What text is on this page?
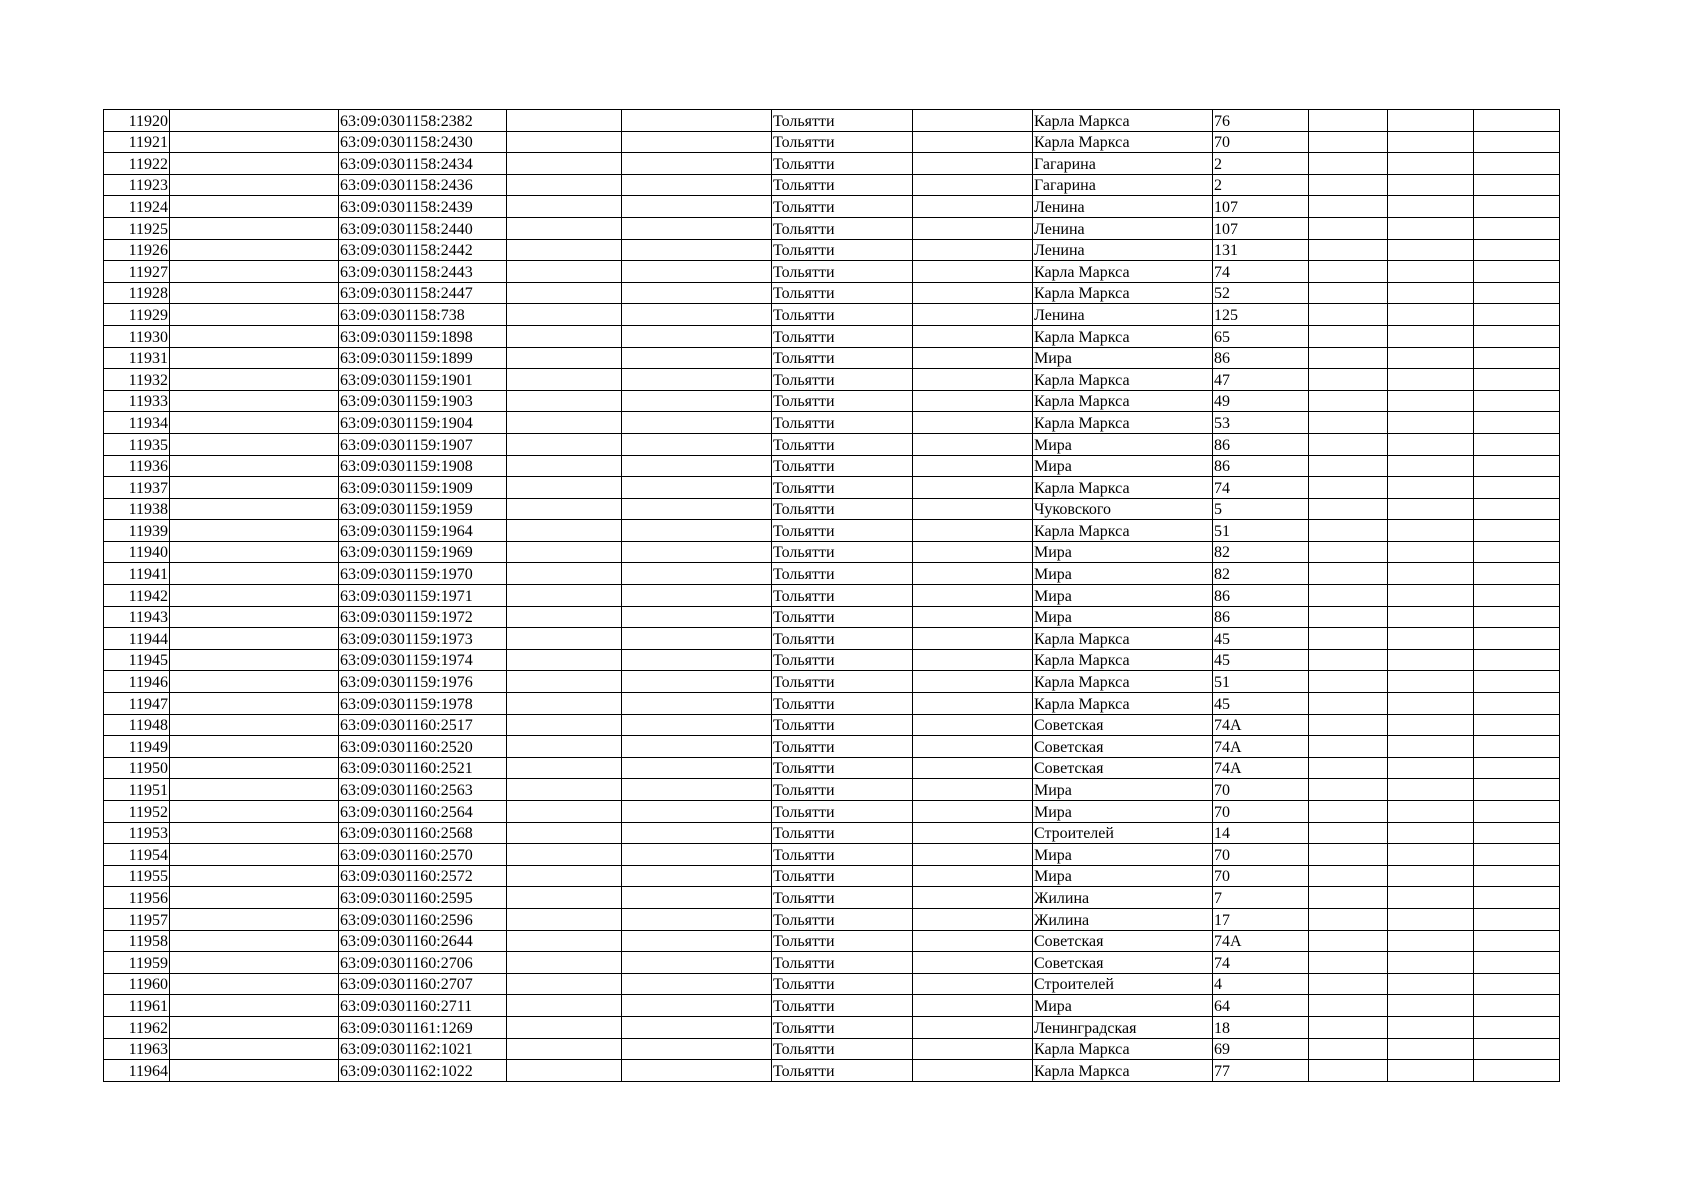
11920		63:09:0301158:2382			Тольятти		Карла Маркса	76			
11921		63:09:0301158:2430			Тольятти		Карла Маркса	70			
11922		63:09:0301158:2434			Тольятти		Гагарина	2			
11923		63:09:0301158:2436			Тольятти		Гагарина	2			
11924		63:09:0301158:2439			Тольятти		Ленина	107			
11925		63:09:0301158:2440			Тольятти		Ленина	107			
11926		63:09:0301158:2442			Тольятти		Ленина	131			
11927		63:09:0301158:2443			Тольятти		Карла Маркса	74			
11928		63:09:0301158:2447			Тольятти		Карла Маркса	52			
11929		63:09:0301158:738			Тольятти		Ленина	125			
11930		63:09:0301159:1898			Тольятти		Карла Маркса	65			
11931		63:09:0301159:1899			Тольятти		Мира	86			
11932		63:09:0301159:1901			Тольятти		Карла Маркса	47			
11933		63:09:0301159:1903			Тольятти		Карла Маркса	49			
11934		63:09:0301159:1904			Тольятти		Карла Маркса	53			
11935		63:09:0301159:1907			Тольятти		Мира	86			
11936		63:09:0301159:1908			Тольятти		Мира	86			
11937		63:09:0301159:1909			Тольятти		Карла Маркса	74			
11938		63:09:0301159:1959			Тольятти		Чуковского	5			
11939		63:09:0301159:1964			Тольятти		Карла Маркса	51			
11940		63:09:0301159:1969			Тольятти		Мира	82			
11941		63:09:0301159:1970			Тольятти		Мира	82			
11942		63:09:0301159:1971			Тольятти		Мира	86			
11943		63:09:0301159:1972			Тольятти		Мира	86			
11944		63:09:0301159:1973			Тольятти		Карла Маркса	45			
11945		63:09:0301159:1974			Тольятти		Карла Маркса	45			
11946		63:09:0301159:1976			Тольятти		Карла Маркса	51			
11947		63:09:0301159:1978			Тольятти		Карла Маркса	45			
11948		63:09:0301160:2517			Тольятти		Советская	74А			
11949		63:09:0301160:2520			Тольятти		Советская	74А			
11950		63:09:0301160:2521			Тольятти		Советская	74А			
11951		63:09:0301160:2563			Тольятти		Мира	70			
11952		63:09:0301160:2564			Тольятти		Мира	70			
11953		63:09:0301160:2568			Тольятти		Строителей	14			
11954		63:09:0301160:2570			Тольятти		Мира	70			
11955		63:09:0301160:2572			Тольятти		Мира	70			
11956		63:09:0301160:2595			Тольятти		Жилина	7			
11957		63:09:0301160:2596			Тольятти		Жилина	17			
11958		63:09:0301160:2644			Тольятти		Советская	74А			
11959		63:09:0301160:2706			Тольятти		Советская	74			
11960		63:09:0301160:2707			Тольятти		Строителей	4			
11961		63:09:0301160:2711			Тольятти		Мира	64			
11962		63:09:0301161:1269			Тольятти		Ленинградская	18			
11963		63:09:0301162:1021			Тольятти		Карла Маркса	69			
11964		63:09:0301162:1022			Тольятти		Карла Маркса	77			
